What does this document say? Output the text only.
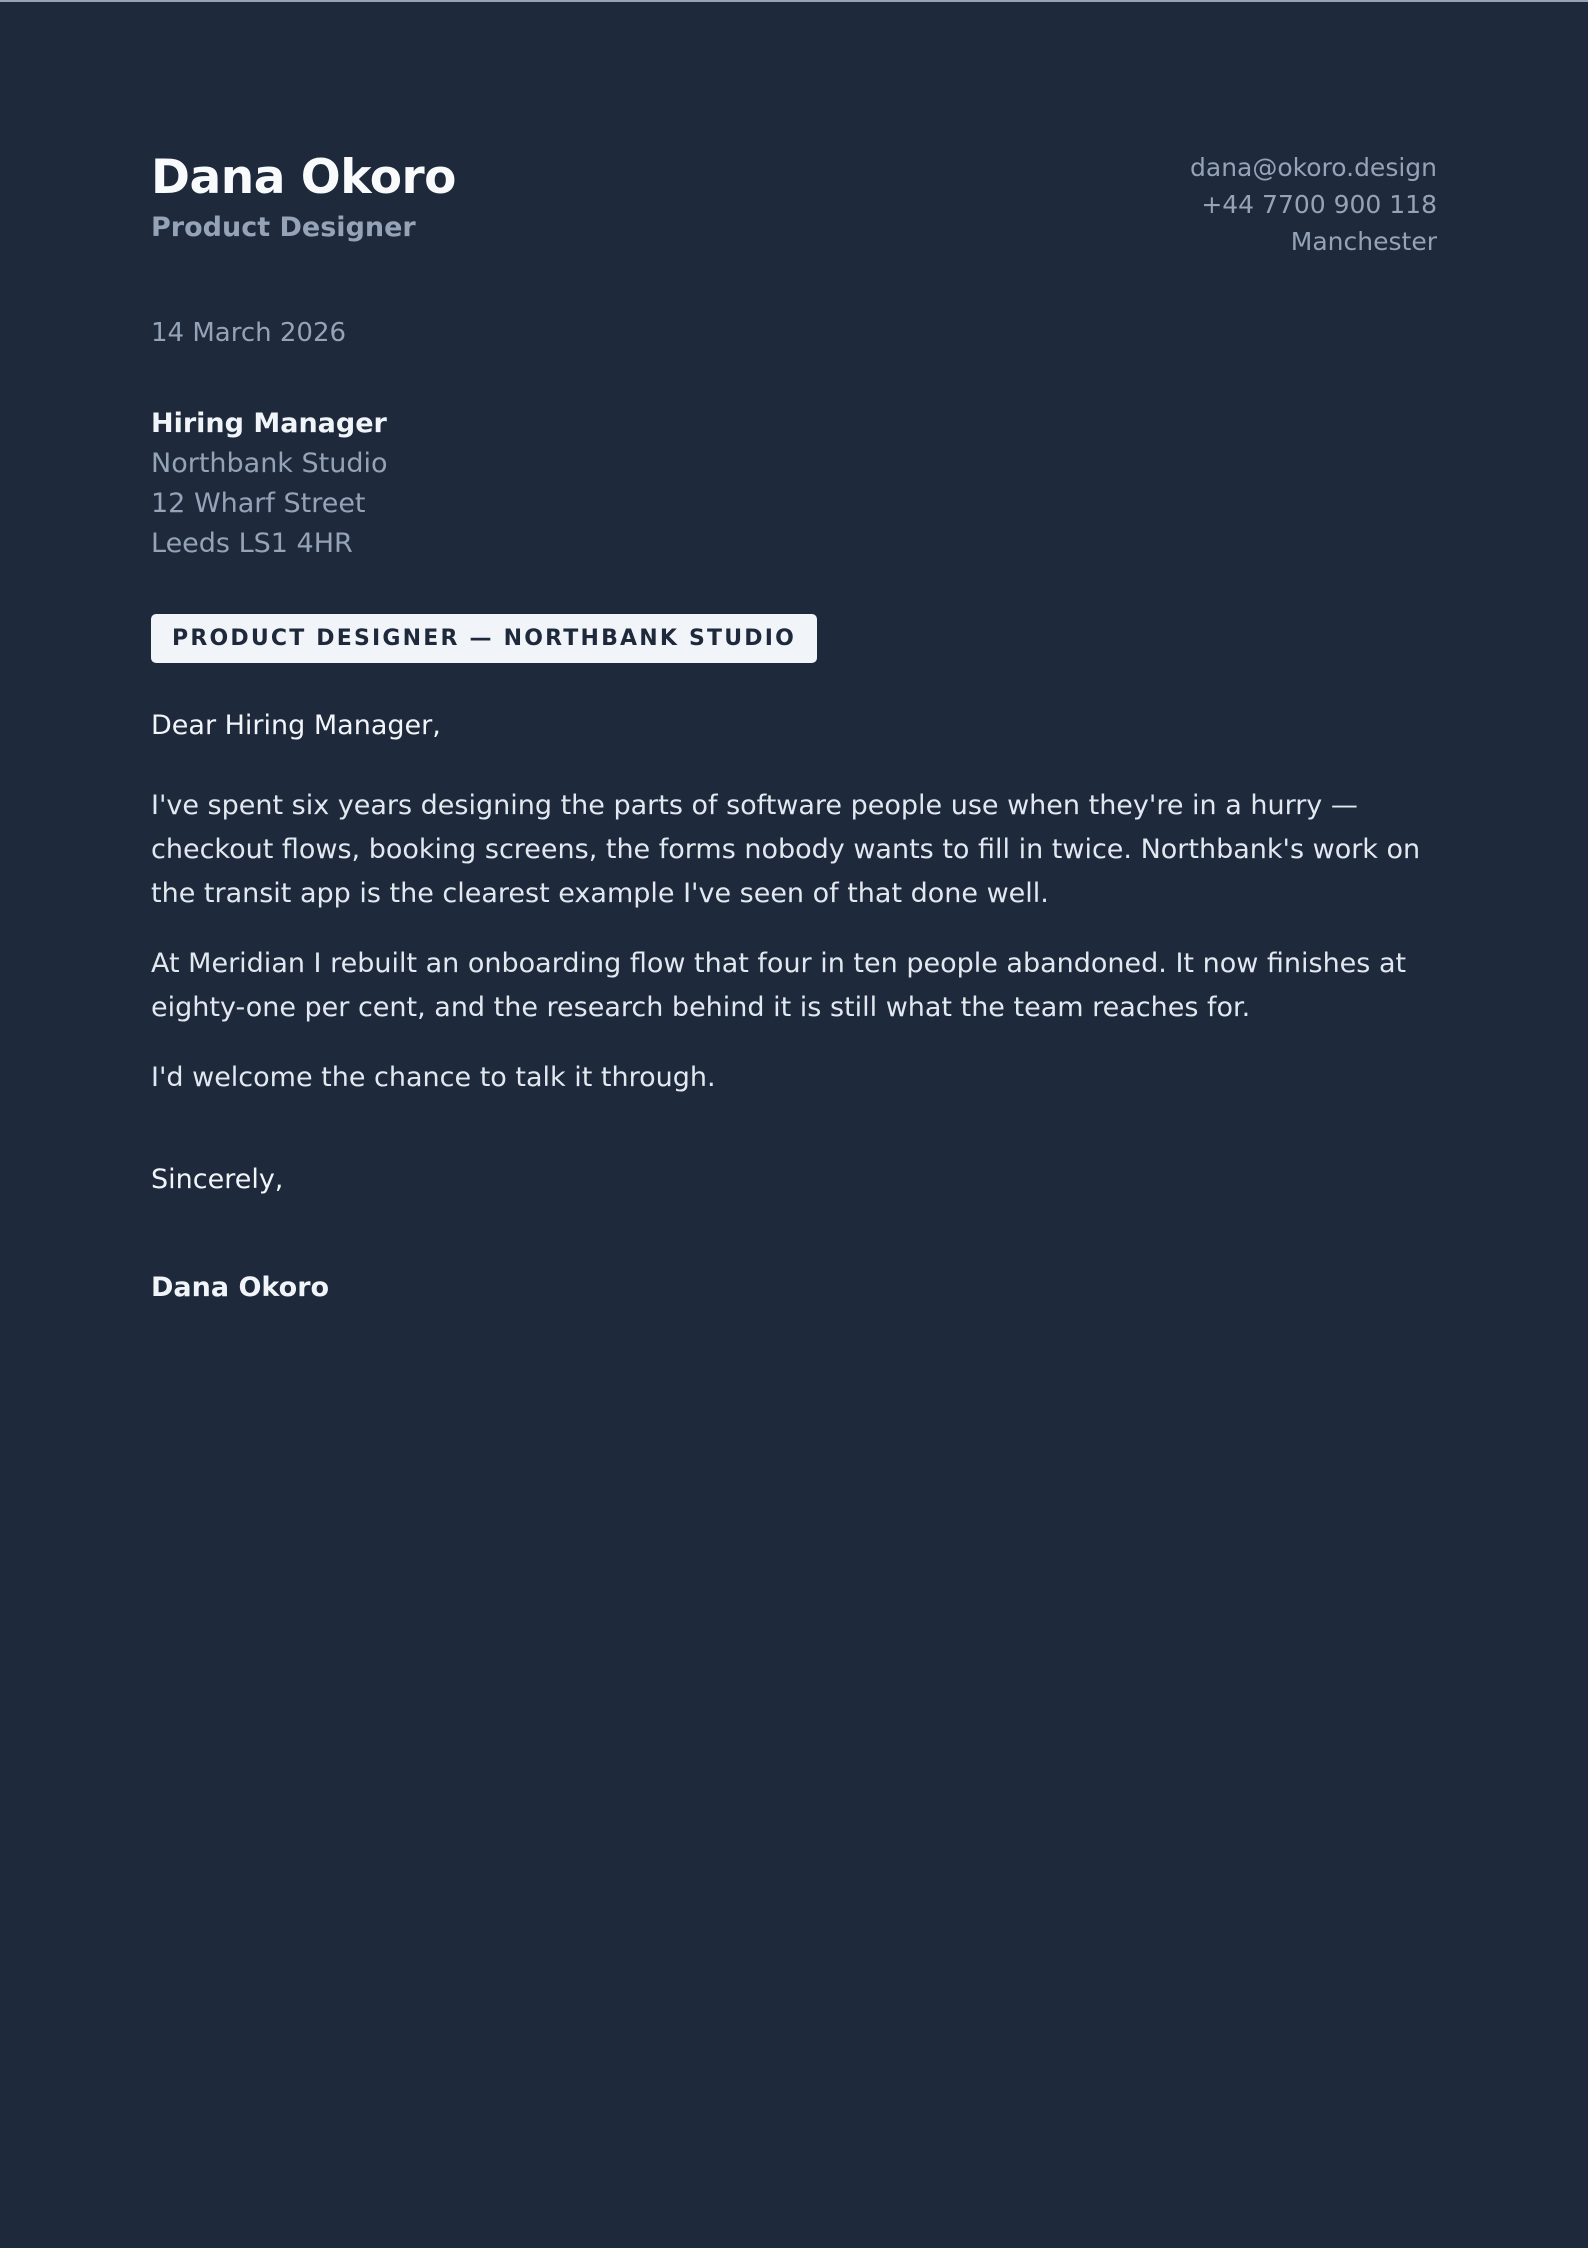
Dana Okoro
Product Designer
dana@okoro.design
+44 7700 900 118
Manchester
14 March 2026
Hiring Manager
Northbank Studio
12 Wharf Street
Leeds LS1 4HR
PRODUCT DESIGNER — NORTHBANK STUDIO
Dear Hiring Manager,

I've spent six years designing the parts of software people use when they're in a hurry — checkout flows, booking screens, the forms nobody wants to fill in twice. Northbank's work on the transit app is the clearest example I've seen of that done well.

At Meridian I rebuilt an onboarding flow that four in ten people abandoned. It now finishes at eighty-one per cent, and the research behind it is still what the team reaches for.

I'd welcome the chance to talk it through.

Sincerely,
Dana Okoro
